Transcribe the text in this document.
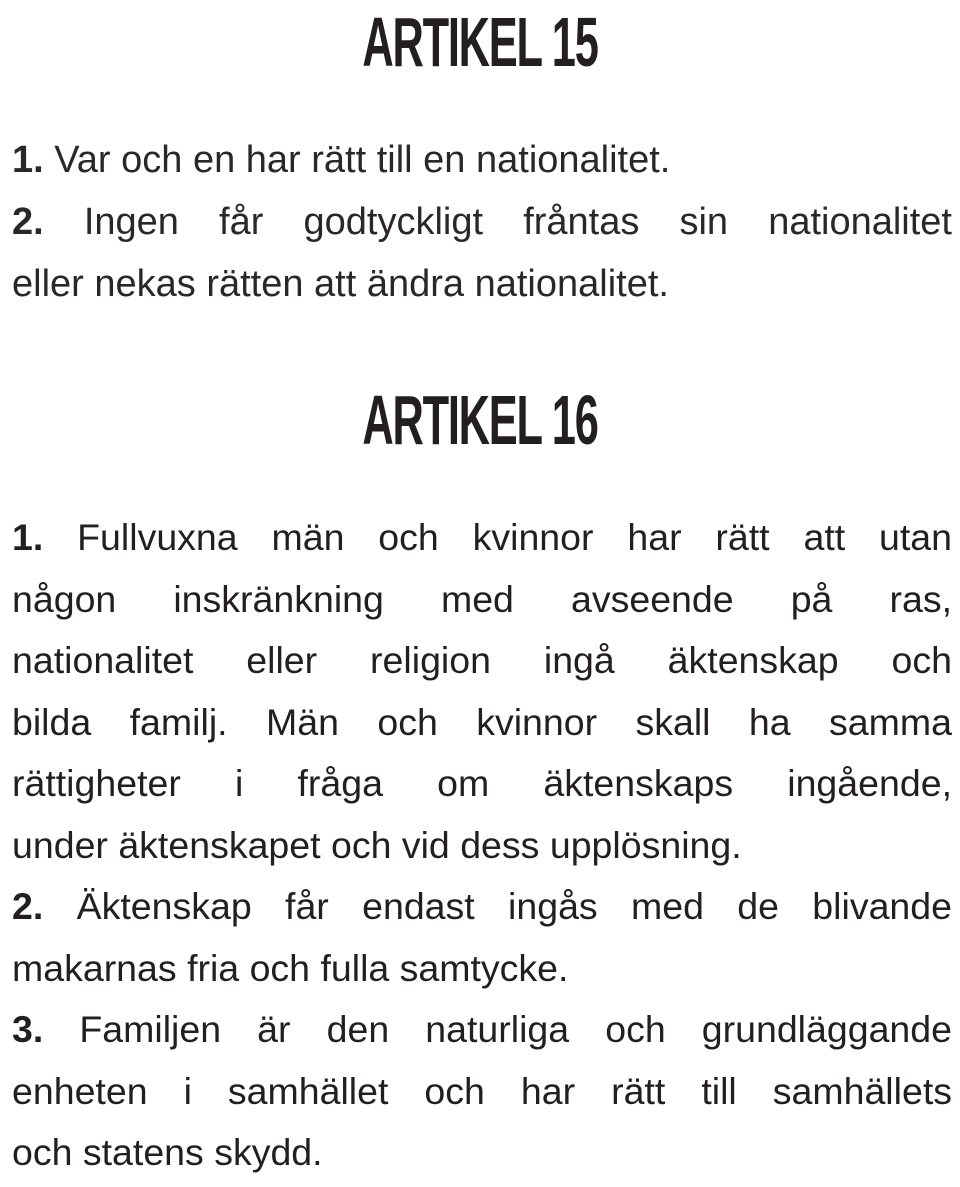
ARTIKEL 15
1. Var och en har rätt till en nationalitet.
2. Ingen får godtyckligt fråntas sin nationalitet
eller nekas rätten att ändra nationalitet.
ARTIKEL 16
1. Fullvuxna män och kvinnor har rätt att utan
någon inskränkning med avseende på ras,
nationalitet eller religion ingå äktenskap och
bilda familj. Män och kvinnor skall ha samma
rättigheter i fråga om äktenskaps ingående,
under äktenskapet och vid dess upplösning.
2. Äktenskap får endast ingås med de blivande
makarnas fria och fulla samtycke.
3. Familjen är den naturliga och grundläggande
enheten i samhället och har rätt till samhällets
och statens skydd.
